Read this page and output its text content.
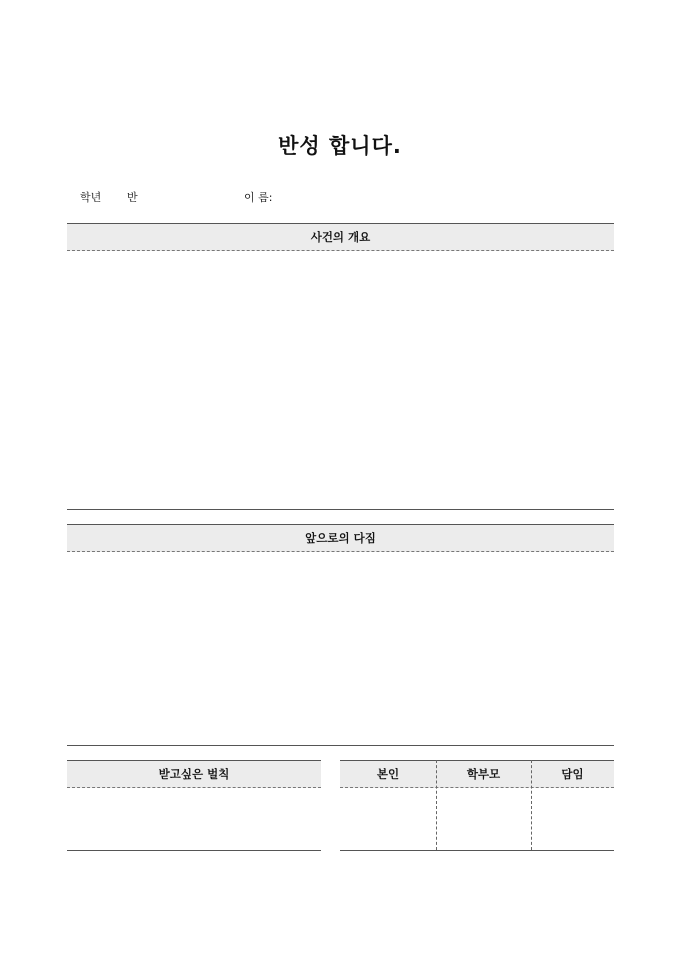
반성 합니다.
학년 반	이 름:
사건의 개요
앞으로의 다짐
받고싶은 벌칙	본인	학부모	담임
